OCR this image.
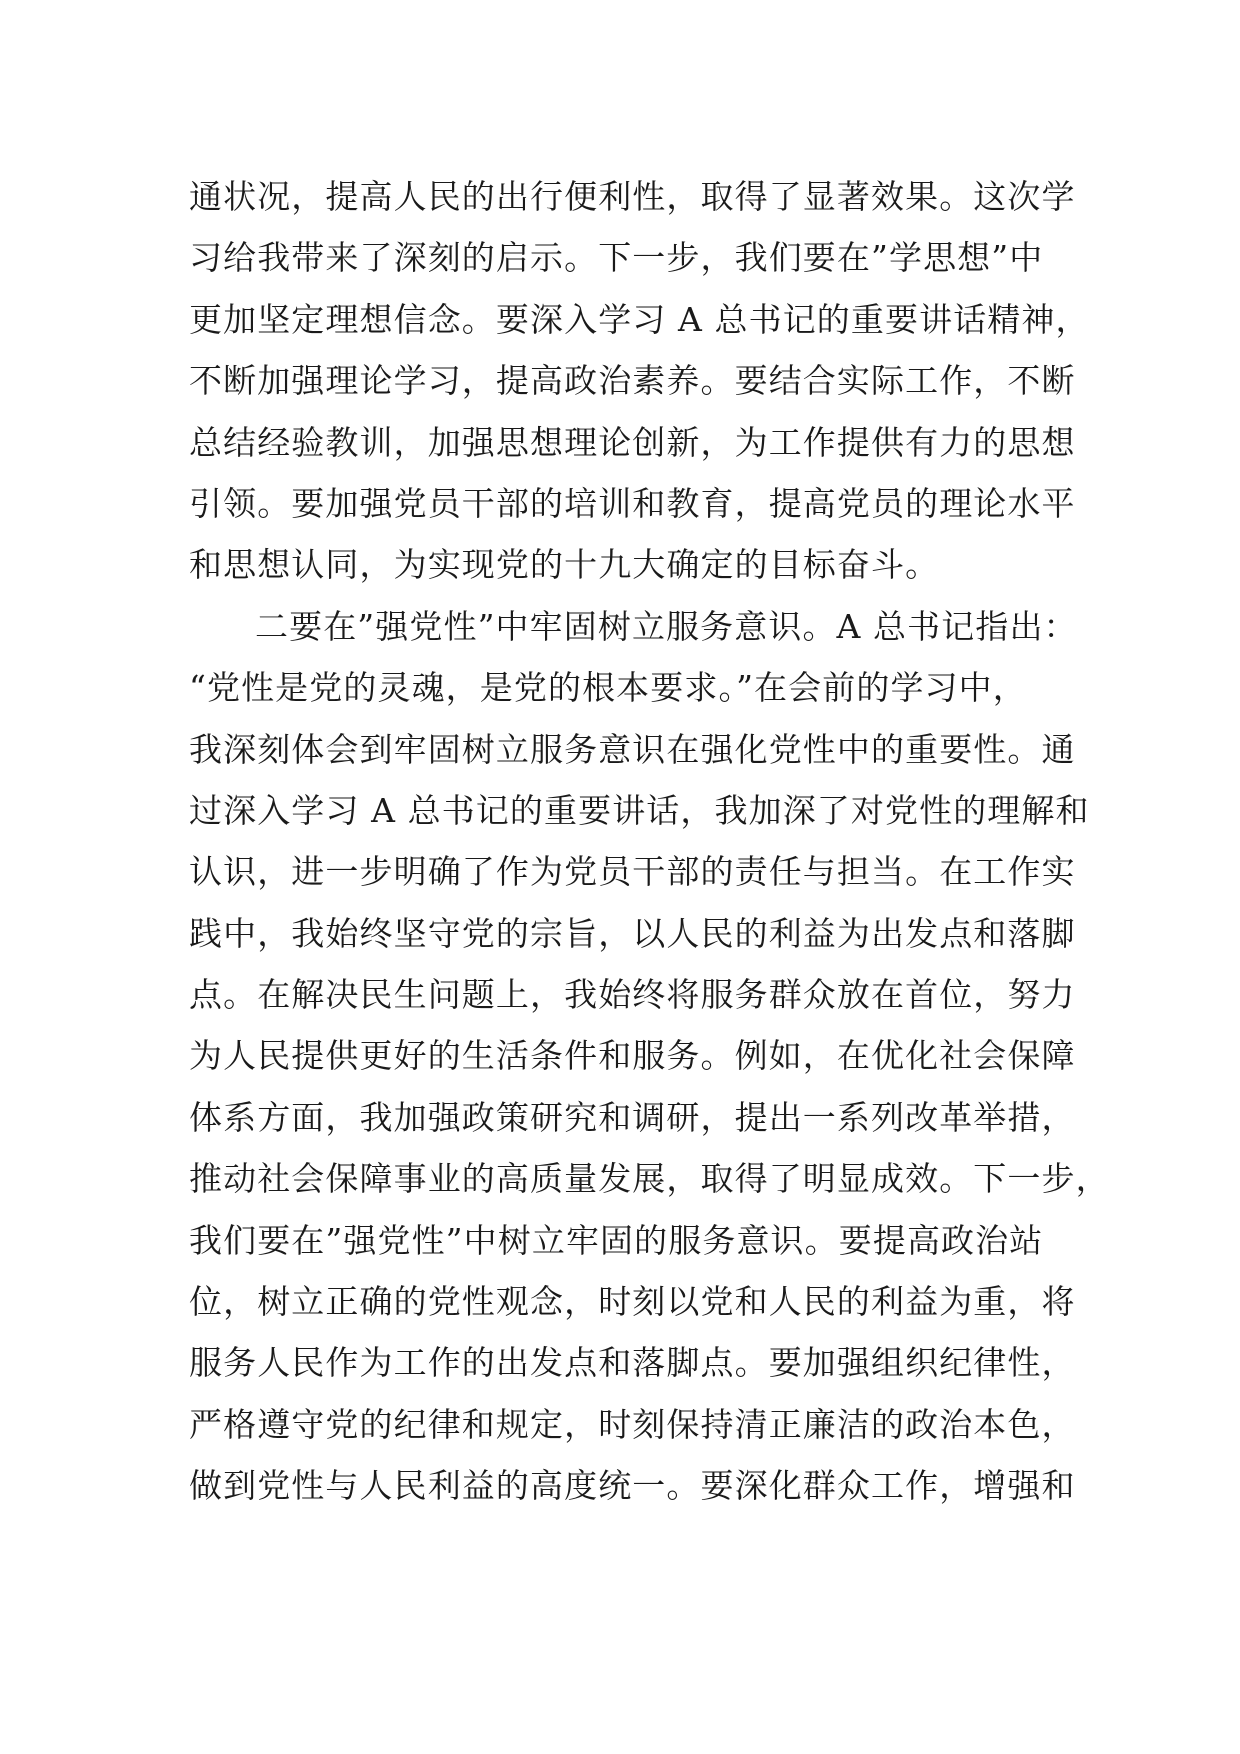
通状况，提高人民的出行便利性，取得了显著效果。这次学
习给我带来了深刻的启示。下一步，我们要在”学思想”中
更加坚定理想信念。要深入学习 A 总书记的重要讲话精神，
不断加强理论学习，提高政治素养。要结合实际工作，不断
总结经验教训，加强思想理论创新，为工作提供有力的思想
引领。要加强党员干部的培训和教育，提高党员的理论水平
和思想认同，为实现党的十九大确定的目标奋斗。
二要在”强党性”中牢固树立服务意识。A 总书记指出：
“党性是党的灵魂，是党的根本要求。”在会前的学习中，
我深刻体会到牢固树立服务意识在强化党性中的重要性。通
过深入学习 A 总书记的重要讲话，我加深了对党性的理解和
认识，进一步明确了作为党员干部的责任与担当。在工作实
践中，我始终坚守党的宗旨，以人民的利益为出发点和落脚
点。在解决民生问题上，我始终将服务群众放在首位，努力
为人民提供更好的生活条件和服务。例如，在优化社会保障
体系方面，我加强政策研究和调研，提出一系列改革举措，
推动社会保障事业的高质量发展，取得了明显成效。下一步，
我们要在”强党性”中树立牢固的服务意识。要提高政治站
位，树立正确的党性观念，时刻以党和人民的利益为重，将
服务人民作为工作的出发点和落脚点。要加强组织纪律性，
严格遵守党的纪律和规定，时刻保持清正廉洁的政治本色，
做到党性与人民利益的高度统一。要深化群众工作，增强和
